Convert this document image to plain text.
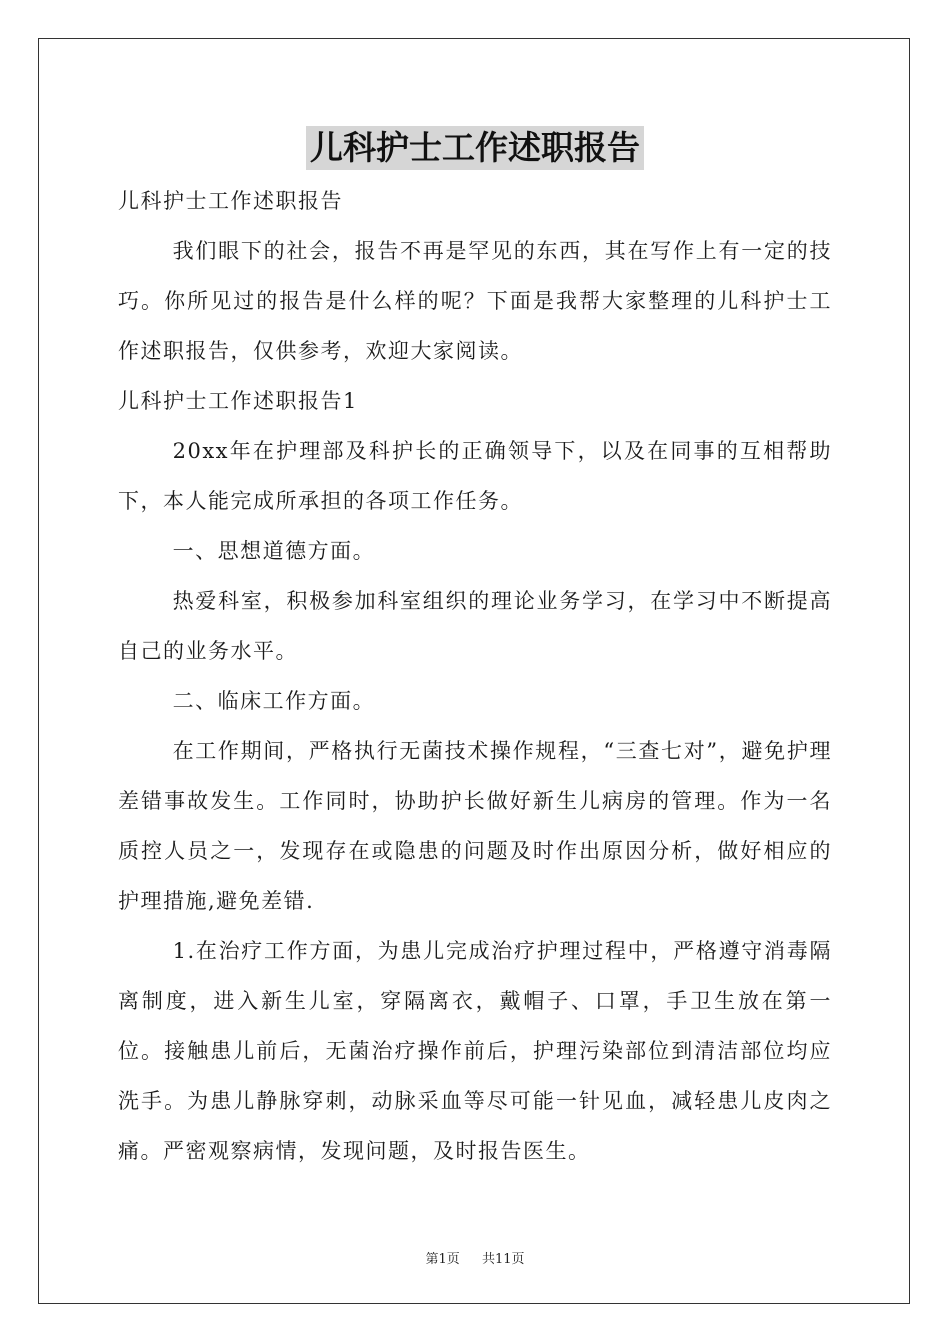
儿科护士工作述职报告

儿科护士工作述职报告

我们眼下的社会，报告不再是罕见的东西，其在写作上有一定的技巧。你所见过的报告是什么样的呢？下面是我帮大家整理的儿科护士工作述职报告，仅供参考，欢迎大家阅读。

儿科护士工作述职报告1

20xx年在护理部及科护长的正确领导下，以及在同事的互相帮助下，本人能完成所承担的各项工作任务。

一、思想道德方面。

热爱科室，积极参加科室组织的理论业务学习，在学习中不断提高自己的业务水平。

二、临床工作方面。

在工作期间，严格执行无菌技术操作规程，“三查七对”，避免护理差错事故发生。工作同时，协助护长做好新生儿病房的管理。作为一名质控人员之一，发现存在或隐患的问题及时作出原因分析，做好相应的护理措施,避免差错.

1.在治疗工作方面，为患儿完成治疗护理过程中，严格遵守消毒隔离制度，进入新生儿室，穿隔离衣，戴帽子、口罩，手卫生放在第一位。接触患儿前后，无菌治疗操作前后，护理污染部位到清洁部位均应洗手。为患儿静脉穿刺，动脉采血等尽可能一针见血，减轻患儿皮肉之痛。严密观察病情，发现问题，及时报告医生。

第1页 共11页
